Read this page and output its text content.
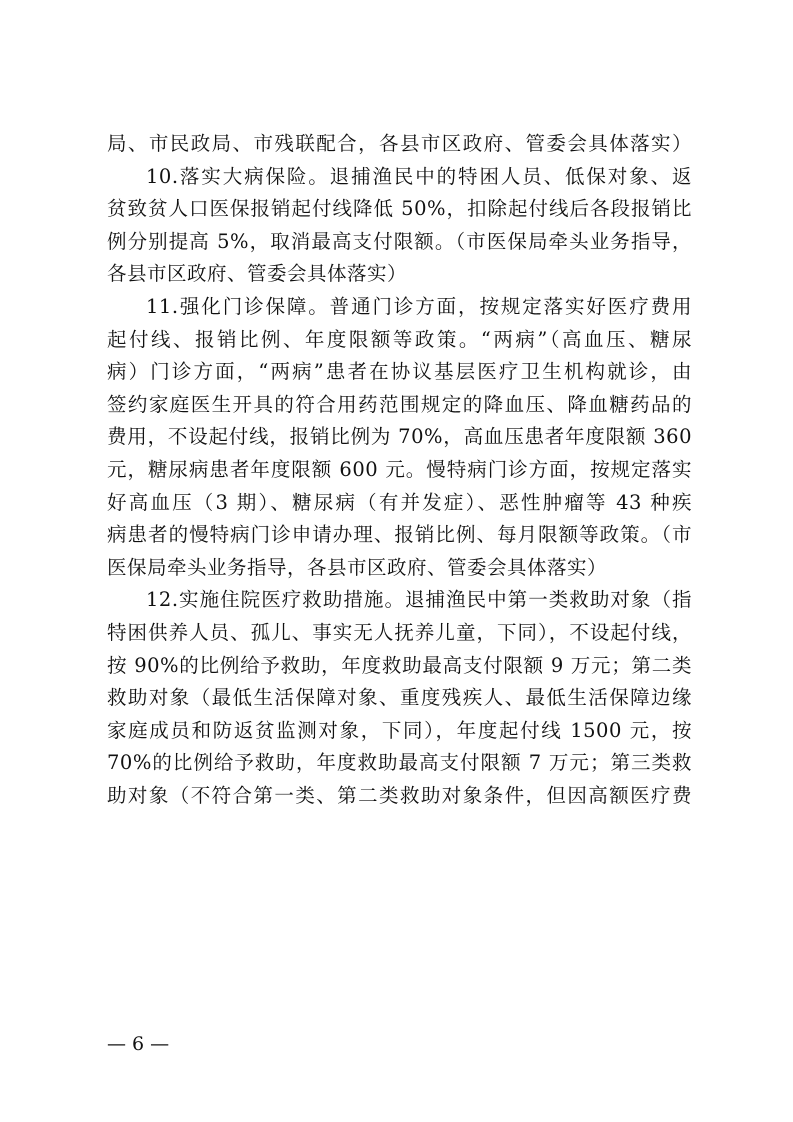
局、市民政局、市残联配合，各县市区政府、管委会具体落实）

10.落实大病保险。退捕渔民中的特困人员、低保对象、返

贫致贫人口医保报销起付线降低 50%，扣除起付线后各段报销比

例分别提高 5%，取消最高支付限额。（市医保局牵头业务指导，

各县市区政府、管委会具体落实）

11.强化门诊保障。普通门诊方面，按规定落实好医疗费用

起付线、报销比例、年度限额等政策。“两病”（高血压、糖尿

病）门诊方面，“两病”患者在协议基层医疗卫生机构就诊，由

签约家庭医生开具的符合用药范围规定的降血压、降血糖药品的

费用，不设起付线，报销比例为 70%，高血压患者年度限额 360

元，糖尿病患者年度限额 600 元。慢特病门诊方面，按规定落实

好高血压（3 期）、糖尿病（有并发症）、恶性肿瘤等 43 种疾

病患者的慢特病门诊申请办理、报销比例、每月限额等政策。（市

医保局牵头业务指导，各县市区政府、管委会具体落实）

12.实施住院医疗救助措施。退捕渔民中第一类救助对象（指

特困供养人员、孤儿、事实无人抚养儿童，下同），不设起付线，

按 90%的比例给予救助，年度救助最高支付限额 9 万元；第二类

救助对象（最低生活保障对象、重度残疾人、最低生活保障边缘

家庭成员和防返贫监测对象，下同），年度起付线 1500 元，按

70%的比例给予救助，年度救助最高支付限额 7 万元；第三类救

助对象（不符合第一类、第二类救助对象条件，但因高额医疗费

— 6 —
